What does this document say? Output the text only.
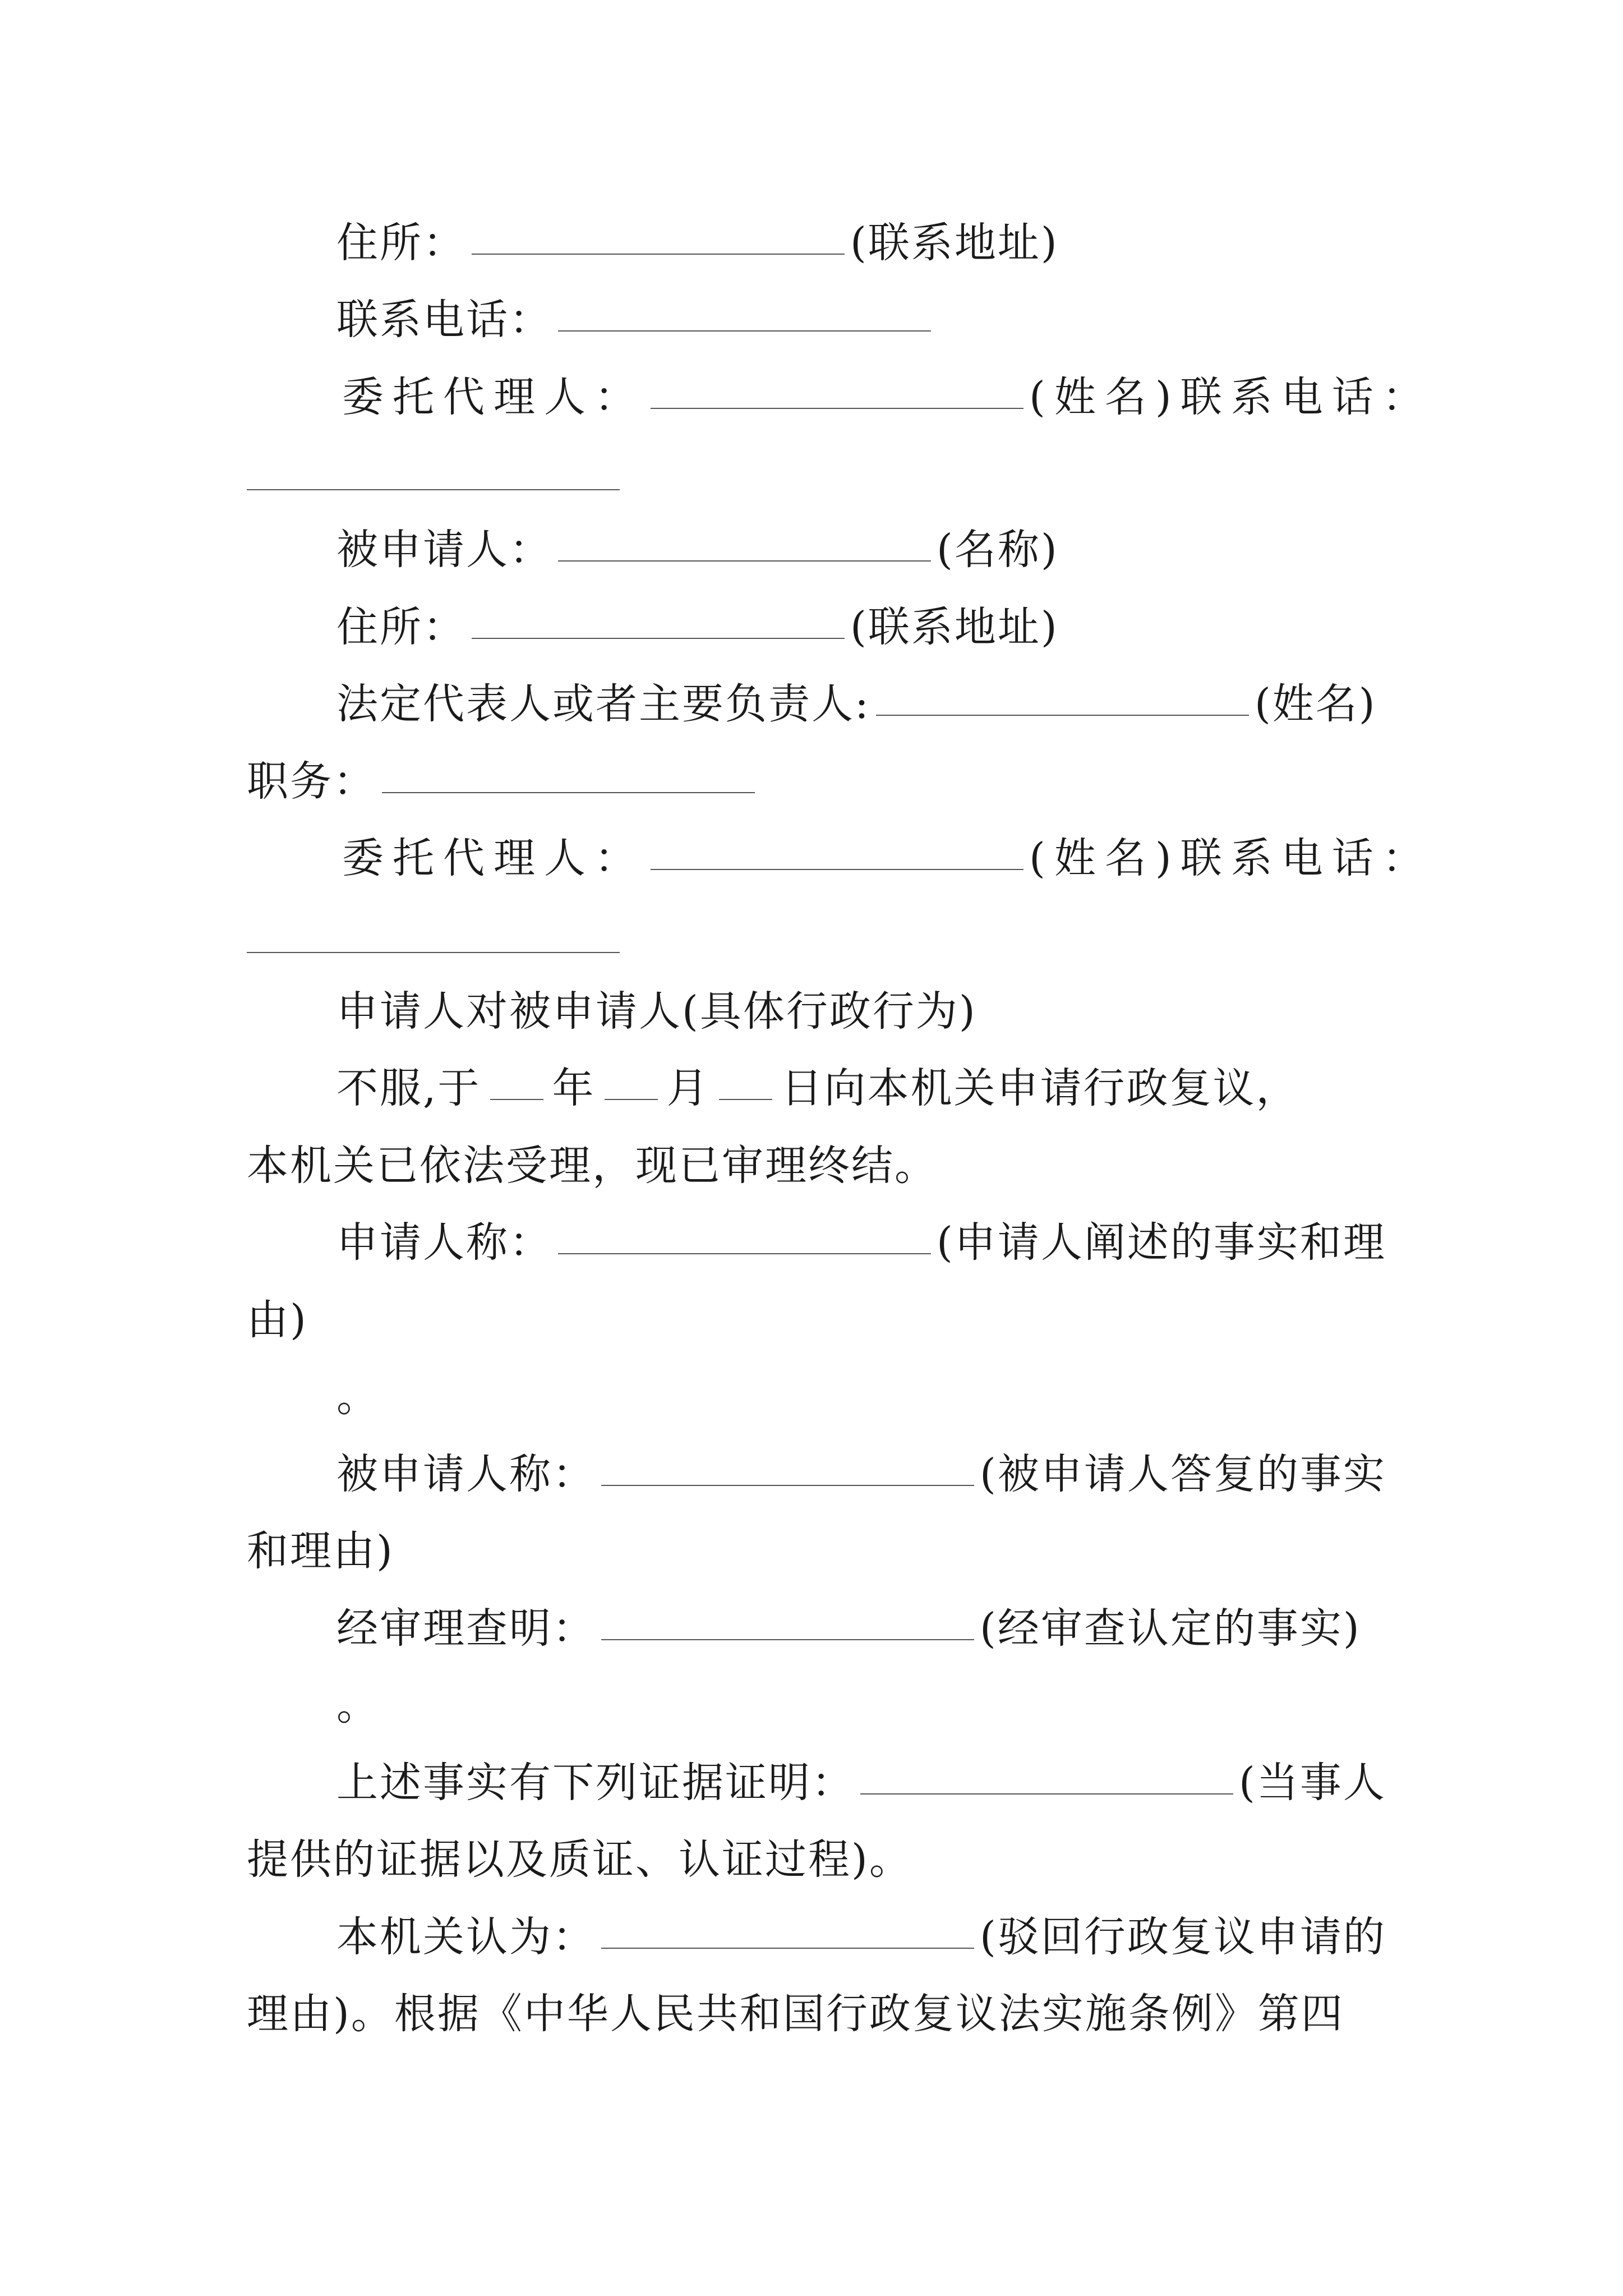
住所：	(联系地址)
联系电话：
委托代理人：	(姓名)联系电话：
被申请人：	(名称)
住所：	(联系地址)
法定代表人或者主要负责人:	(姓名)
职务：
委托代理人：	(姓名)联系电话：
申请人对被申请人(具体行政行为)
不服,于 年 月 日向本机关申请行政复议，
本机关已依法受理，现已审理终结。
申请人称：	(申请人阐述的事实和理
由)
。
被申请人称：	(被申请人答复的事实
和理由)
经审理查明：	(经审查认定的事实)
。
上述事实有下列证据证明：	(当事人
提供的证据以及质证、认证过程)。
本机关认为：	(驳回行政复议申请的
理由)。根据《中华人民共和国行政复议法实施条例》第四
